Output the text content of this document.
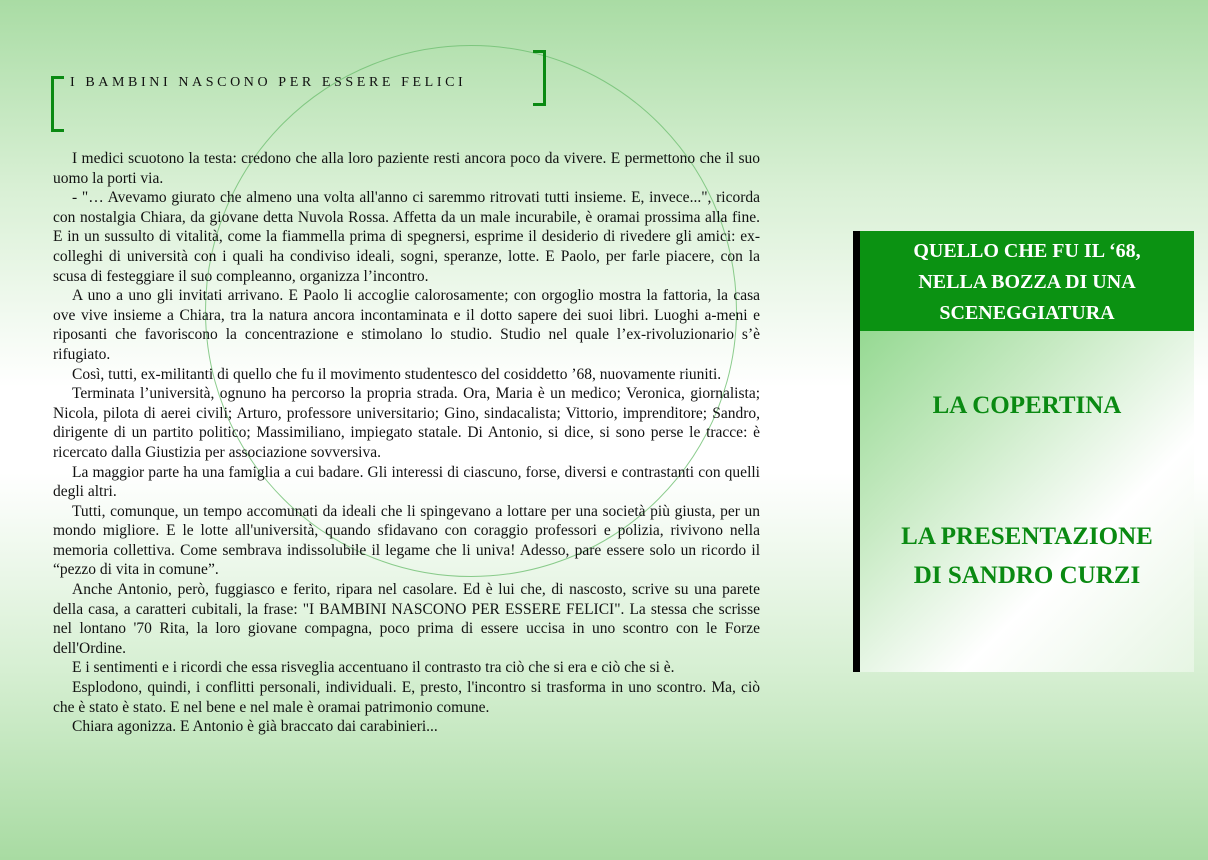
I BAMBINI NASCONO PER ESSERE FELICI

I medici scuotono la testa: credono che alla loro paziente resti ancora poco da vivere. E permettono che il suo uomo la porti via.

- "… Avevamo giurato che almeno una volta all'anno ci saremmo ritrovati tutti insieme. E, invece...", ricorda con nostalgia Chiara, da giovane detta Nuvola Rossa. Affetta da un male incurabile, è oramai prossima alla fine. E in un sussulto di vitalità, come la fiammella prima di spegnersi, esprime il desiderio di rivedere gli amici: ex-colleghi di università con i quali ha condiviso ideali, sogni, speranze, lotte. E Paolo, per farle piacere, con la scusa di festeggiare il suo compleanno, organizza l’incontro.

A uno a uno gli invitati arrivano. E Paolo li accoglie calorosamente; con orgoglio mostra la fattoria, la casa ove vive insieme a Chiara, tra la natura ancora incontaminata e il dotto sapere dei suoi libri. Luoghi a-meni e riposanti che favoriscono la concentrazione e stimolano lo studio. Studio nel quale l’ex-rivoluzionario s’è rifugiato.

Così, tutti, ex-militanti di quello che fu il movimento studentesco del cosiddetto ’68, nuovamente riuniti.

Terminata l’università, ognuno ha percorso la propria strada. Ora, Maria è un medico; Veronica, giornalista; Nicola, pilota di aerei civili; Arturo, professore universitario; Gino, sindacalista; Vittorio, imprenditore; Sandro, dirigente di un partito politico; Massimiliano, impiegato statale. Di Antonio, si dice, si sono perse le tracce: è ricercato dalla Giustizia per associazione sovversiva.

La maggior parte ha una famiglia a cui badare. Gli interessi di ciascuno, forse, diversi e contrastanti con quelli degli altri.

Tutti, comunque, un tempo accomunati da ideali che li spingevano a lottare per una società più giusta, per un mondo migliore. E le lotte all'università, quando sfidavano con coraggio professori e polizia, rivivono nella memoria collettiva. Come sembrava indissolubile il legame che li univa! Adesso, pare essere solo un ricordo il “pezzo di vita in comune”.

Anche Antonio, però, fuggiasco e ferito, ripara nel casolare. Ed è lui che, di nascosto, scrive su una parete della casa, a caratteri cubitali, la frase: "I BAMBINI NASCONO PER ESSERE FELICI". La stessa che scrisse nel lontano '70 Rita, la loro giovane compagna, poco prima di essere uccisa in uno scontro con le Forze dell'Ordine.

E i sentimenti e i ricordi che essa risveglia accentuano il contrasto tra ciò che si era e ciò che si è.

Esplodono, quindi, i conflitti personali, individuali. E, presto, l'incontro si trasforma in uno scontro. Ma, ciò che è stato è stato. E nel bene e nel male è oramai patrimonio comune.

Chiara agonizza. E Antonio è già braccato dai carabinieri...

QUELLO CHE FU IL ‘68,
NELLA BOZZA DI UNA
SCENEGGIATURA
LA COPERTINA
LA PRESENTAZIONE
DI SANDRO CURZI
